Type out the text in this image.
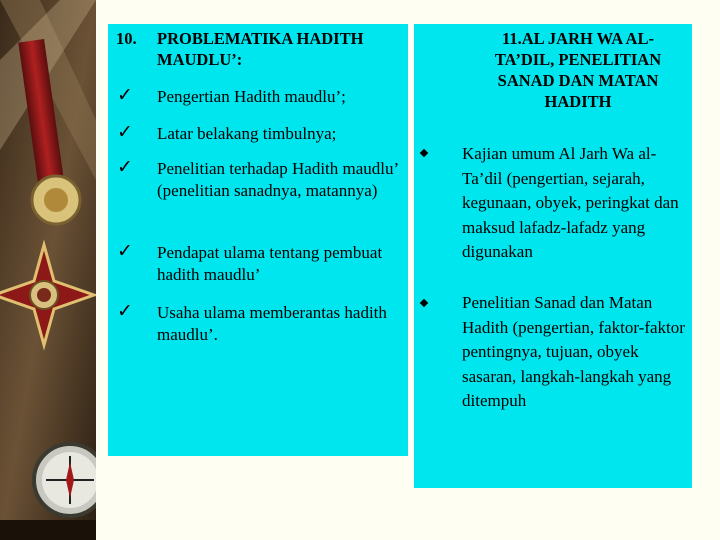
10. PROBLEMATIKA HADITH MAUDLU’:
✓ Pengertian Hadith maudlu’;
✓ Latar belakang timbulnya;
✓ Penelitian terhadap Hadith maudlu’ (penelitian sanadnya, matannya)
✓ Pendapat ulama tentang pembuat hadith maudlu’
✓ Usaha ulama memberantas hadith maudlu’.
11.AL JARH WA AL-TA’DIL, PENELITIAN SANAD DAN MATAN HADITH
Kajian umum Al Jarh Wa al-Ta’dil (pengertian, sejarah, kegunaan, obyek, peringkat dan maksud lafadz-lafadz yang digunakan
Penelitian Sanad dan Matan Hadith (pengertian, faktor-faktor pentingnya, tujuan, obyek sasaran, langkah-langkah yang ditempuh
